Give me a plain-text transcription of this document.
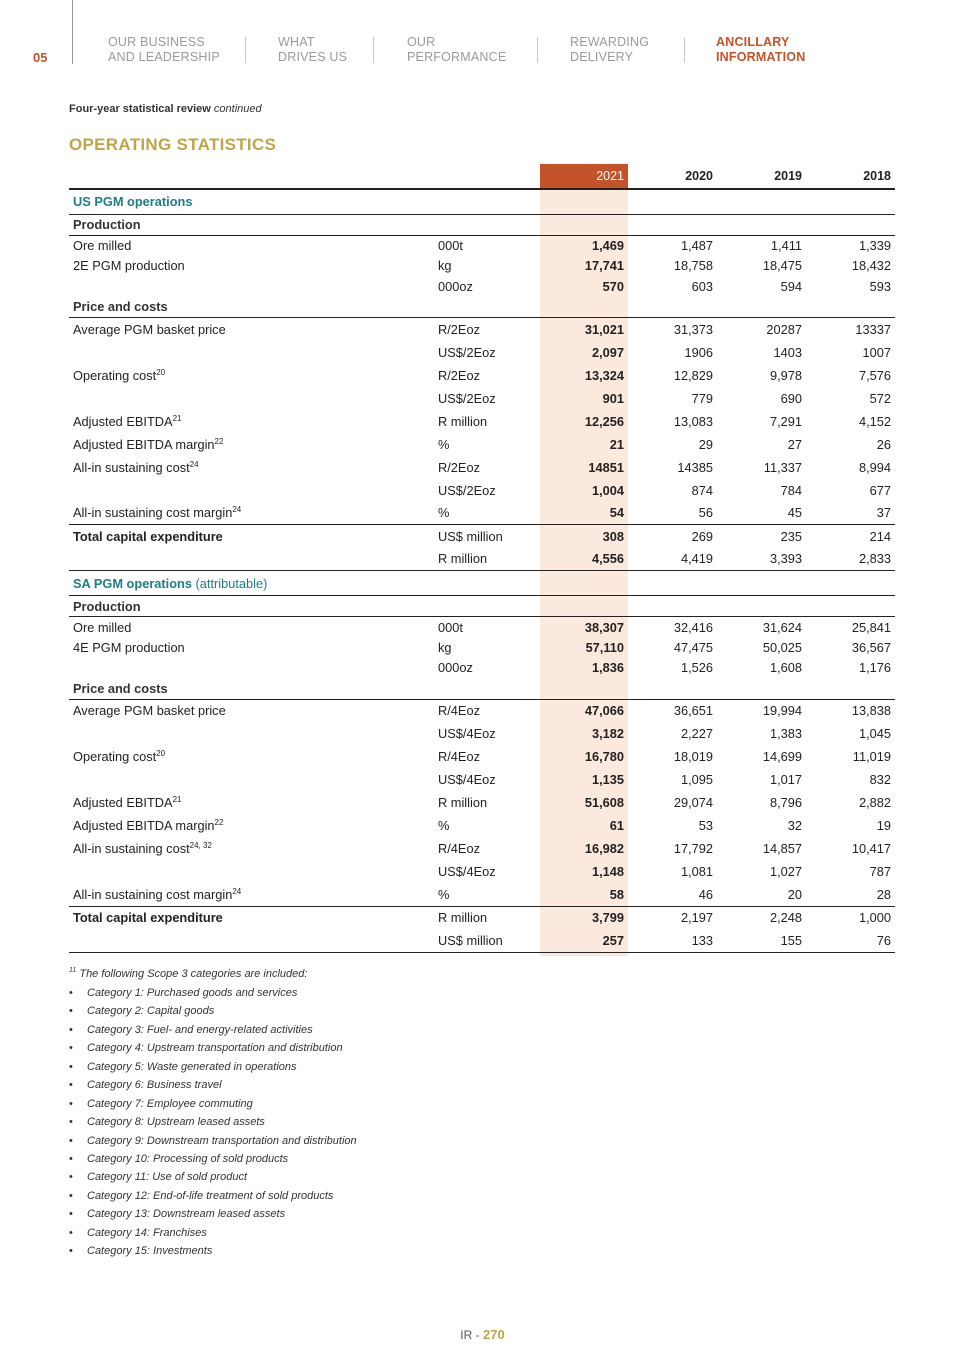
05
OUR BUSINESS
AND LEADERSHIP
WHAT
DRIVES US
OUR
PERFORMANCE
REWARDING
DELIVERY
ANCILLARY
INFORMATION
Four-year statistical review continued
OPERATING STATISTICS
		2021	2020	2019	2018
US PGM operations					
Production					
Ore milled	000t	1,469	1,487	1,411	1,339
2E PGM production	kg	17,741	18,758	18,475	18,432
	000oz	570	603	594	593
Price and costs					
Average PGM basket price	R/2Eoz	31,021	31,373	20287	13337
	US$/2Eoz	2,097	1906	1403	1007
Operating cost$^{20}$	R/2Eoz	13,324	12,829	9,978	7,576
	US$/2Eoz	901	779	690	572
Adjusted EBITDA$^{21}$	R million	12,256	13,083	7,291	4,152
Adjusted EBITDA margin$^{22}$	%	21	29	27	26
All-in sustaining cost$^{24}$	R/2Eoz	14851	14385	11,337	8,994
	US$/2Eoz	1,004	874	784	677
All-in sustaining cost margin$^{24}$	%	54	56	45	37
Total capital expenditure	US$ million	308	269	235	214
	R million	4,556	4,419	3,393	2,833
SA PGM operations (attributable)					
Production					
Ore milled	000t	38,307	32,416	31,624	25,841
4E PGM production	kg	57,110	47,475	50,025	36,567
	000oz	1,836	1,526	1,608	1,176
Price and costs					
Average PGM basket price	R/4Eoz	47,066	36,651	19,994	13,838
	US$/4Eoz	3,182	2,227	1,383	1,045
Operating cost$^{20}$	R/4Eoz	16,780	18,019	14,699	11,019
	US$/4Eoz	1,135	1,095	1,017	832
Adjusted EBITDA$^{21}$	R million	51,608	29,074	8,796	2,882
Adjusted EBITDA margin$^{22}$	%	61	53	32	19
All-in sustaining cost$^{24, 32}$	R/4Eoz	16,982	17,792	14,857	10,417
	US$/4Eoz	1,148	1,081	1,027	787
All-in sustaining cost margin$^{24}$	%	58	46	20	28
Total capital expenditure	R million	3,799	2,197	2,248	1,000
	US$ million	257	133	155	76
$^{11}$ The following Scope 3 categories are included:
• Category 1: Purchased goods and services
• Category 2: Capital goods
• Category 3: Fuel- and energy-related activities
• Category 4: Upstream transportation and distribution
• Category 5: Waste generated in operations
• Category 6: Business travel
• Category 7: Employee commuting
• Category 8: Upstream leased assets
• Category 9: Downstream transportation and distribution
• Category 10: Processing of sold products
• Category 11: Use of sold product
• Category 12: End-of-life treatment of sold products
• Category 13: Downstream leased assets
• Category 14: Franchises
• Category 15: Investments
IR - 270
